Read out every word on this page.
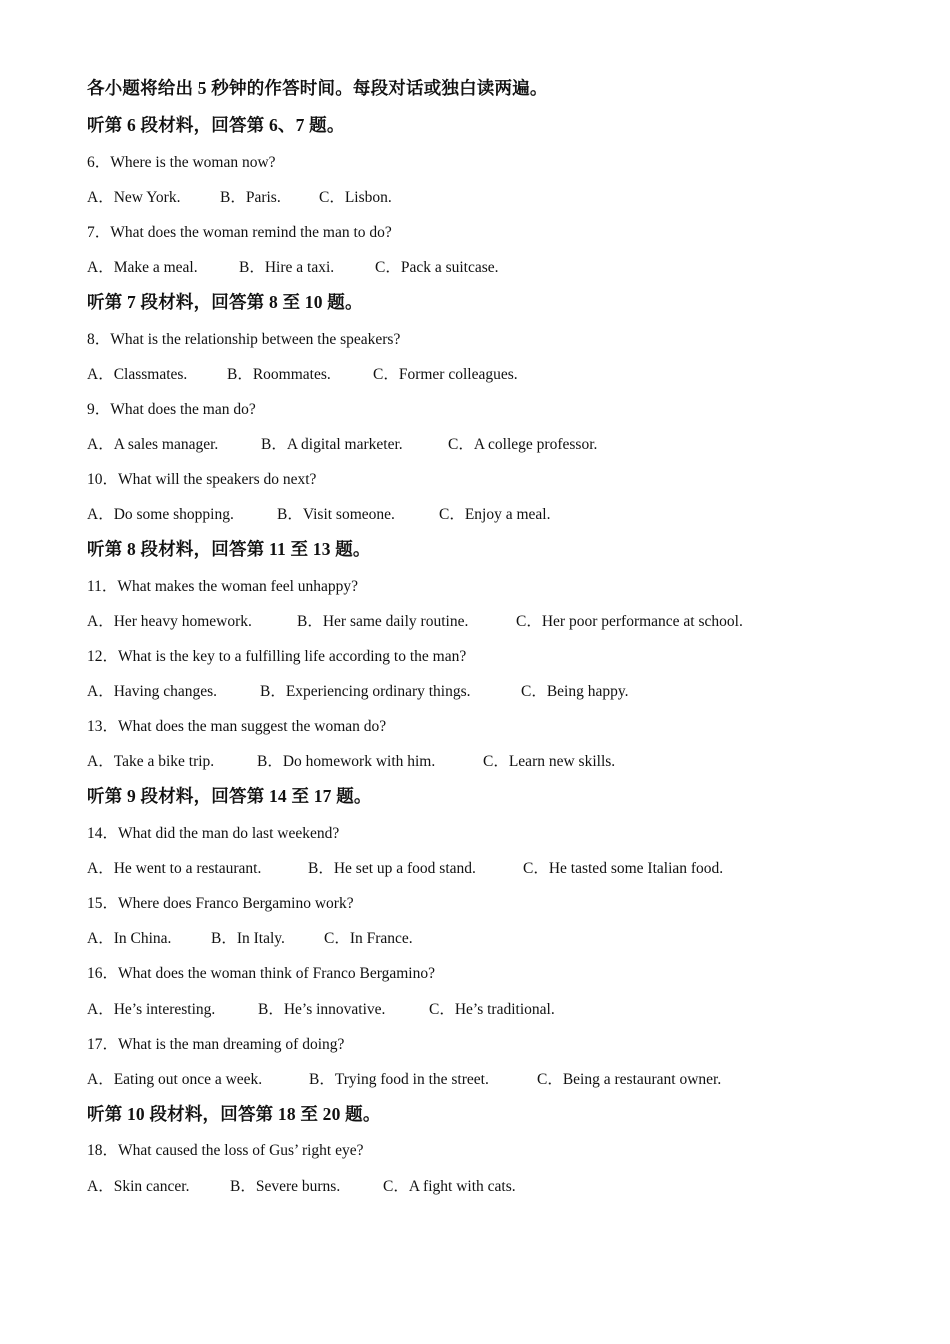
各小题将给出 5 秒钟的作答时间。每段对话或独白读两遍。
听第 6 段材料，回答第 6、7 题。
6．Where is the woman now?
A．New York.	B．Paris. C．Lisbon.
7．What does the woman remind the man to do?
A．Make a meal.	B．Hire a taxi.	C．Pack a suitcase.
听第 7 段材料，回答第 8 至 10 题。
8．What is the relationship between the speakers?
A．Classmates.	B．Roommates.	C．Former colleagues.
9．What does the man do?
A．A sales manager.	B．A digital marketer.	C．A college professor.
10．What will the speakers do next?
A．Do some shopping.	B．Visit someone.	C．Enjoy a meal.
听第 8 段材料，回答第 11 至 13 题。
11．What makes the woman feel unhappy?
A．Her heavy homework.	B．Her same daily routine.	C．Her poor performance at school.
12．What is the key to a fulfilling life according to the man?
A．Having changes.	B．Experiencing ordinary things.	C．Being happy.
13．What does the man suggest the woman do?
A．Take a bike trip.	B．Do homework with him.	C．Learn new skills.
听第 9 段材料，回答第 14 至 17 题。
14．What did the man do last weekend?
A．He went to a restaurant.	B．He set up a food stand.	C．He tasted some Italian food.
15．Where does Franco Bergamino work?
A．In China.	B．In Italy.	C．In France.
16．What does the woman think of Franco Bergamino?
A．He’s interesting.	B．He’s innovative.	C．He’s traditional.
17．What is the man dreaming of doing?
A．Eating out once a week.	B．Trying food in the street.	C．Being a restaurant owner.
听第 10 段材料，回答第 18 至 20 题。
18．What caused the loss of Gus’ right eye?
A．Skin cancer.	B．Severe burns.	C．A fight with cats.
